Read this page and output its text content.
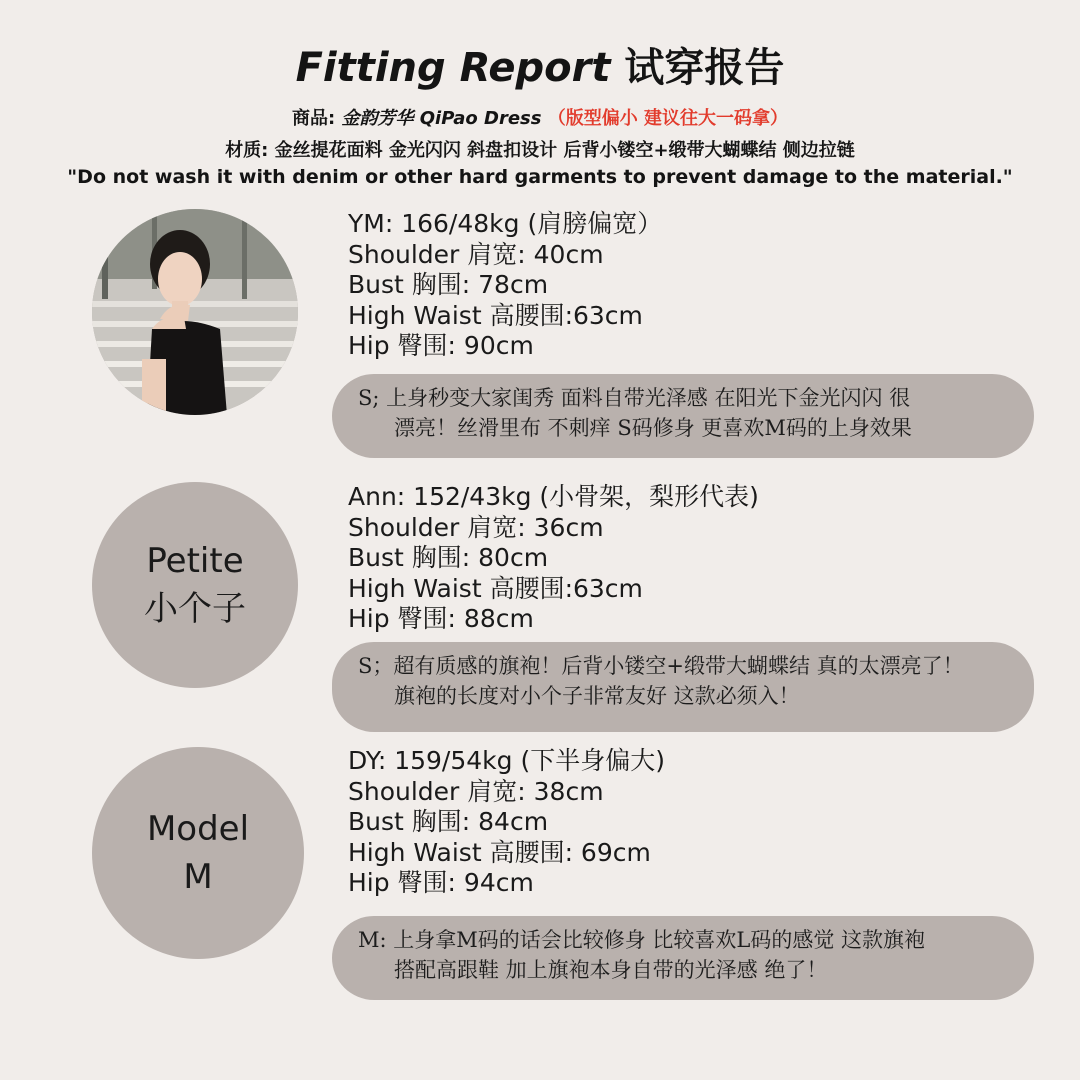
Fitting Report 试穿报告
商品: 金韵芳华 QiPao Dress （版型偏小 建议往大一码拿）
材质: 金丝提花面料 金光闪闪 斜盘扣设计 后背小镂空+缎带大蝴蝶结 侧边拉链
"Do not wash it with denim or other hard garments to prevent damage to the material."
YM: 166/48kg (肩膀偏宽）
Shoulder 肩宽: 40cm
Bust 胸围: 78cm
High Waist 高腰围:63cm
Hip 臀围: 90cm
S; 上身秒变大家闺秀 面料自带光泽感 在阳光下金光闪闪 很
漂亮！丝滑里布 不刺痒 S码修身 更喜欢M码的上身效果
Petite
小个子
Ann: 152/43kg (小骨架，梨形代表)
Shoulder 肩宽: 36cm
Bust 胸围: 80cm
High Waist 高腰围:63cm
Hip 臀围: 88cm
S；超有质感的旗袍！后背小镂空+缎带大蝴蝶结 真的太漂亮了！
旗袍的长度对小个子非常友好 这款必须入！
Model
M
DY: 159/54kg (下半身偏大)
Shoulder 肩宽: 38cm
Bust 胸围: 84cm
High Waist 高腰围: 69cm
Hip 臀围: 94cm
M: 上身拿M码的话会比较修身 比较喜欢L码的感觉 这款旗袍
搭配高跟鞋 加上旗袍本身自带的光泽感 绝了！
